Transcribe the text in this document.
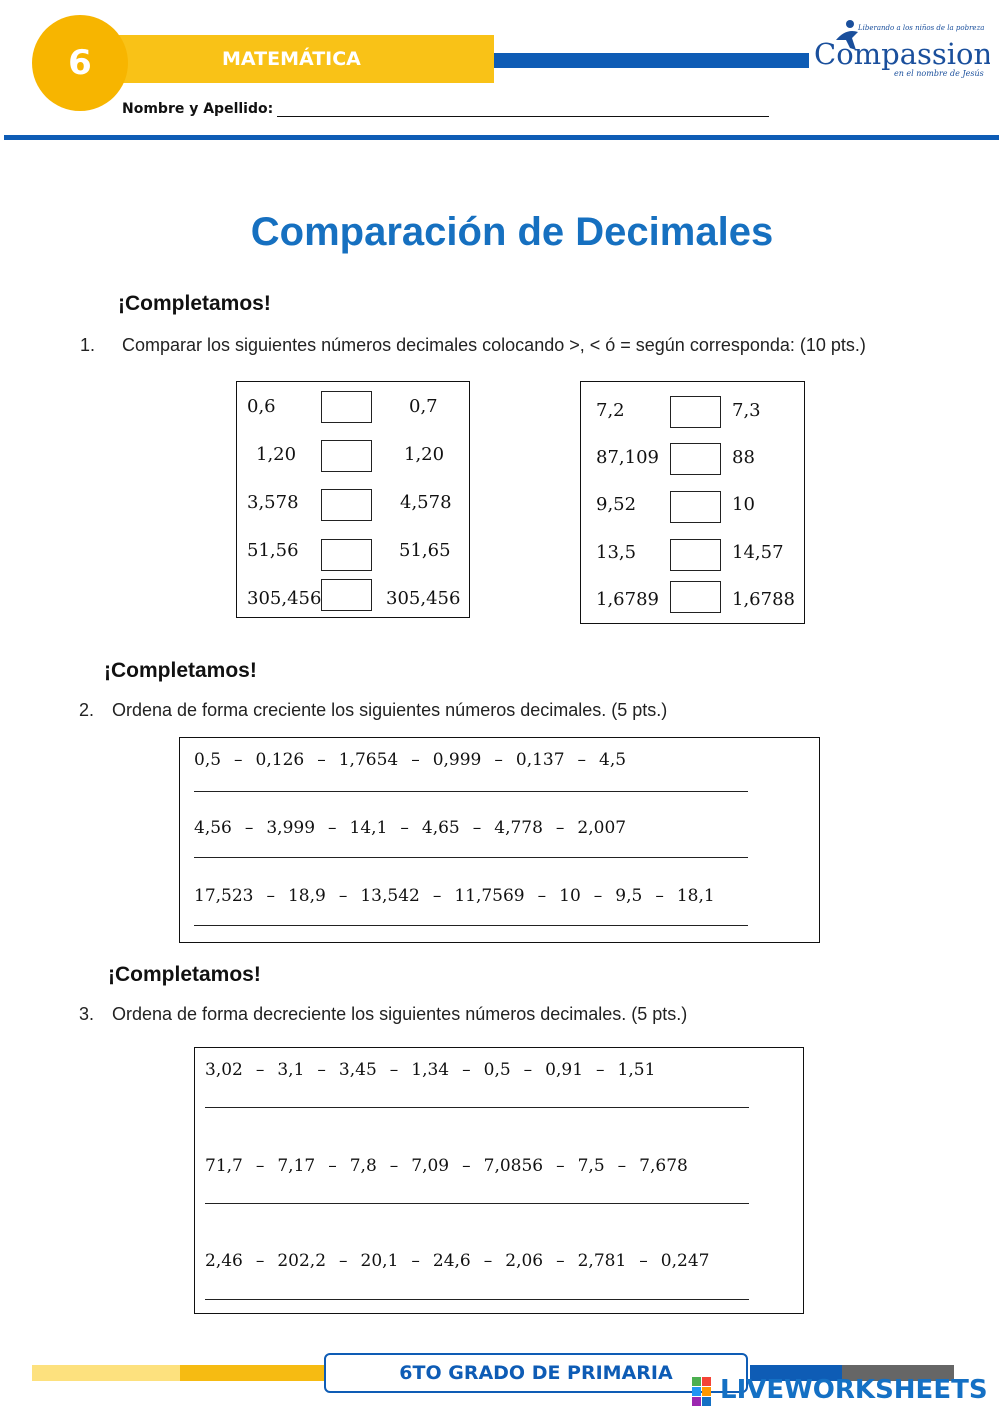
MATEMÁTICA
6
Liberando a los niños de la pobreza
Compassion
en el nombre de Jesús
Nombre y Apellido:
Comparación de Decimales
¡Completamos!
1. Comparar los siguientes números decimales colocando >, < ó = según corresponda: (10 pts.)
0,6	0,7
1,20	1,20
3,578	4,578
51,56	51,65
305,456	305,456
7,2	7,3
87,109	88
9,52	10
13,5	14,57
1,6789	1,6788
¡Completamos!
2. Ordena de forma creciente los siguientes números decimales. (5 pts.)
0,5 – 0,126 – 1,7654 – 0,999 – 0,137 – 4,5
4,56 – 3,999 – 14,1 – 4,65 – 4,778 – 2,007
17,523 – 18,9 – 13,542 – 11,7569 – 10 – 9,5 – 18,1
¡Completamos!
3. Ordena de forma decreciente los siguientes números decimales. (5 pts.)
3,02 – 3,1 – 3,45 – 1,34 – 0,5 – 0,91 – 1,51
71,7 – 7,17 – 7,8 – 7,09 – 7,0856 – 7,5 – 7,678
2,46 – 202,2 – 20,1 – 24,6 – 2,06 – 2,781 – 0,247
6TO GRADO DE PRIMARIA
LIVEWORKSHEETS
